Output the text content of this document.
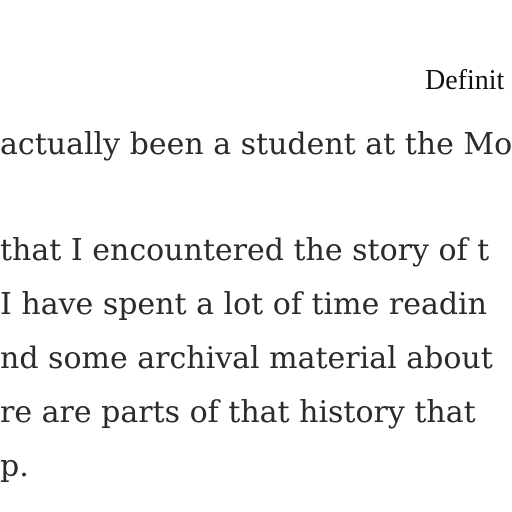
Definit
actually been a student at the Mo
that I encountered the story of t
I have spent a lot of time readin
nd some archival material about
re are parts of that history that
p.
